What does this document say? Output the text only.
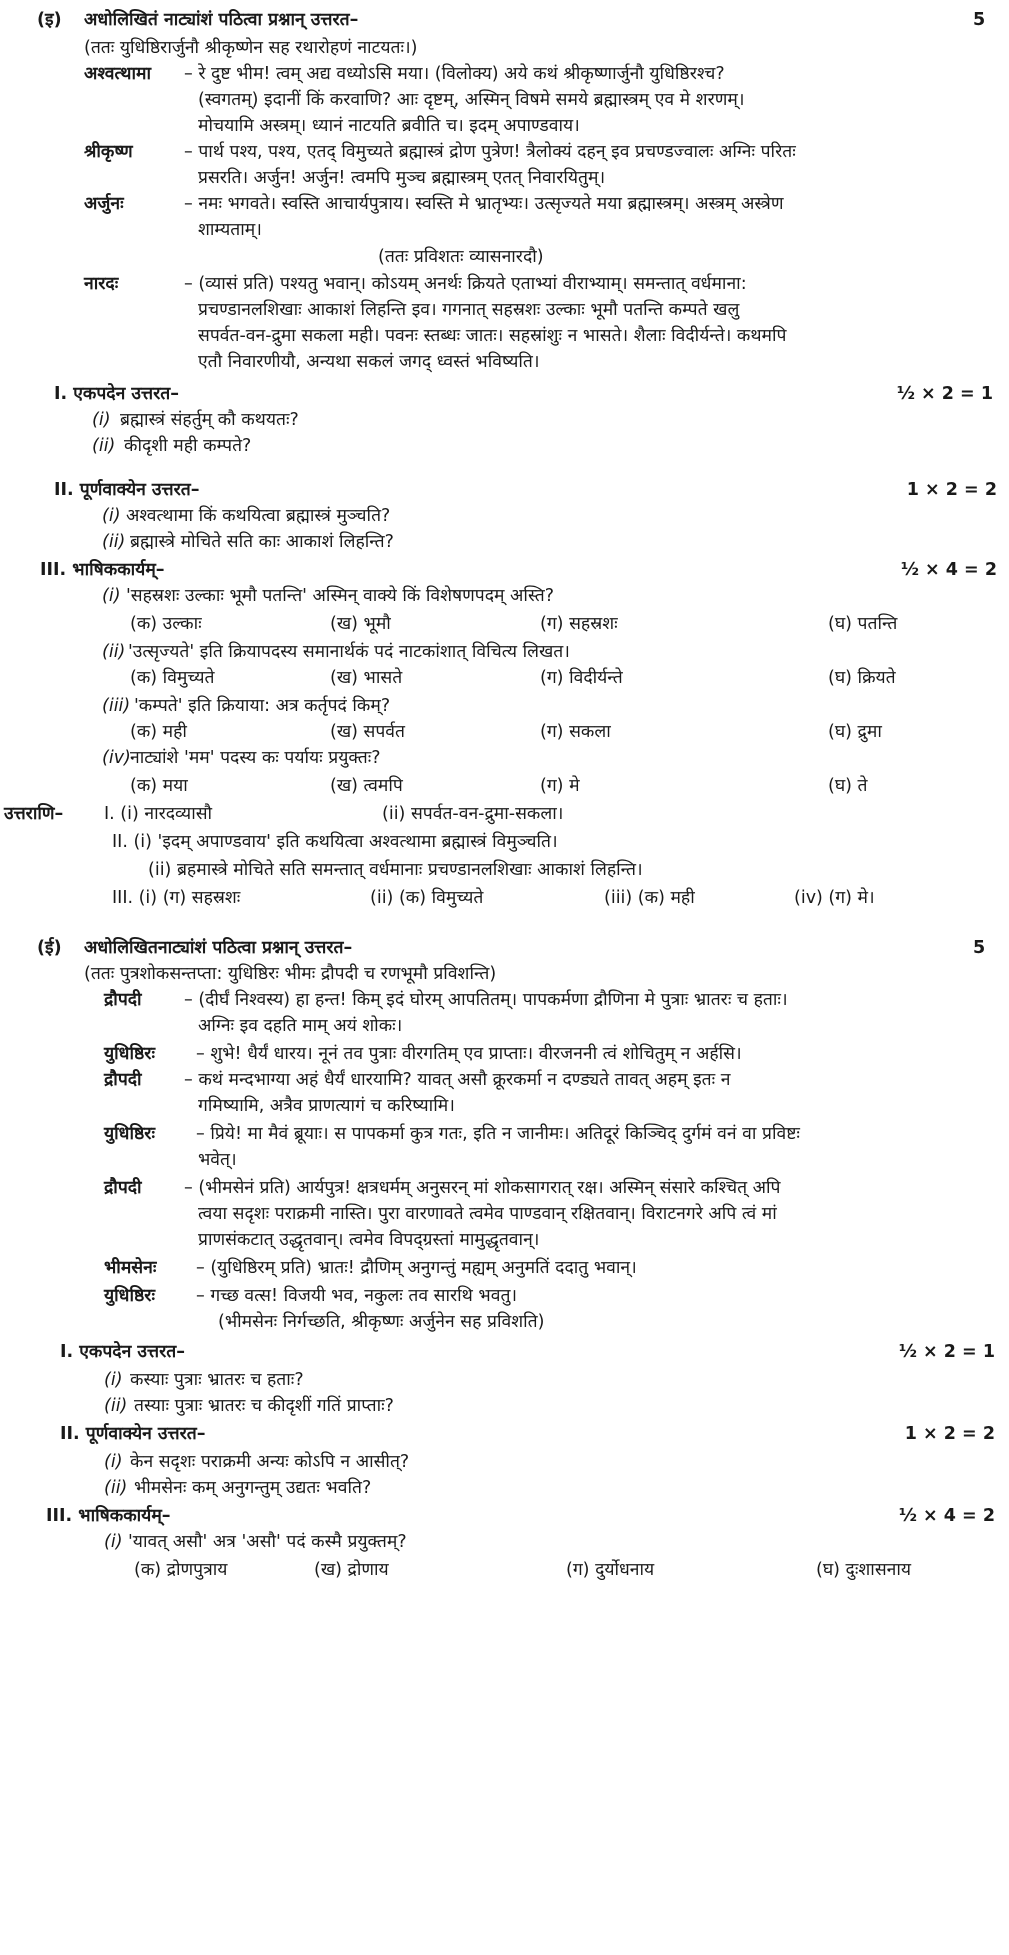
(इ) अधोलिखितं नाट्यांशं पठित्वा प्रश्नान् उत्तरत–	5
(ततः युधिष्ठिरार्जुनौ श्रीकृष्णेन सह रथारोहणं नाटयतः।)
अश्वत्थामा – रे दुष्ट भीम! त्वम् अद्य वध्योऽसि मया। (विलोक्य) अये कथं श्रीकृष्णार्जुनौ युधिष्ठिरश्च?
(स्वगतम्) इदानीं किं करवाणि? आः दृष्टम्, अस्मिन् विषमे समये ब्रह्मास्त्रम् एव मे शरणम्।
मोचयामि अस्त्रम्। ध्यानं नाटयति ब्रवीति च। इदम् अपाण्डवाय।
श्रीकृष्ण	– पार्थ पश्य, पश्य, एतद् विमुच्यते ब्रह्मास्त्रं द्रोण पुत्रेण! त्रैलोक्यं दहन् इव प्रचण्डज्वालः अग्निः परितः
प्रसरति। अर्जुन! अर्जुन! त्वमपि मुञ्च ब्रह्मास्त्रम् एतत् निवारयितुम्।
अर्जुनः	– नमः भगवते। स्वस्ति आचार्यपुत्राय। स्वस्ति मे भ्रातृभ्यः। उत्सृज्यते मया ब्रह्मास्त्रम्। अस्त्रम् अस्त्रेण
शाम्यताम्।
(ततः प्रविशतः व्यासनारदौ)
नारदः	– (व्यासं प्रति) पश्यतु भवान्। कोऽयम् अनर्थः क्रियते एताभ्यां वीराभ्याम्। समन्तात् वर्धमाना:
प्रचण्डानलशिखाः आकाशं लिहन्ति इव। गगनात् सहस्रशः उल्काः भूमौ पतन्ति कम्पते खलु
सपर्वत-वन-द्रुमा सकला मही। पवनः स्तब्धः जातः। सहस्रांशुः न भासते। शैलाः विदीर्यन्ते। कथमपि
एतौ निवारणीयौ, अन्यथा सकलं जगद् ध्वस्तं भविष्यति।
I. एकपदेन उत्तरत–	½ × 2 = 1
(i) ब्रह्मास्त्रं संहर्तुम् कौ कथयतः?
(ii) कीदृशी मही कम्पते?
II. पूर्णवाक्येन उत्तरत–	1 × 2 = 2
(i) अश्वत्थामा किं कथयित्वा ब्रह्मास्त्रं मुञ्चति?
(ii) ब्रह्मास्त्रे मोचिते सति काः आकाशं लिहन्ति?
III. भाषिककार्यम्–	½ × 4 = 2
(i) 'सहस्रशः उल्काः भूमौ पतन्ति' अस्मिन् वाक्ये किं विशेषणपदम् अस्ति?
(क) उल्काः	(ख) भूमौ	(ग) सहस्रशः	(घ) पतन्ति
(ii) 'उत्सृज्यते' इति क्रियापदस्य समानार्थकं पदं नाटकांशात् विचित्य लिखत।
(क) विमुच्यते	(ख) भासते	(ग) विदीर्यन्ते	(घ) क्रियते
(iii) 'कम्पते' इति क्रियाया: अत्र कर्तृपदं किम्?
(क) मही	(ख) सपर्वत	(ग) सकला	(घ) द्रुमा
(iv) नाट्यांशे 'मम' पदस्य कः पर्यायः प्रयुक्तः?
(क) मया	(ख) त्वमपि	(ग) मे	(घ) ते
उत्तराणि– I. (i) नारदव्यासौ	(ii) सपर्वत-वन-द्रुमा-सकला।
II. (i) 'इदम् अपाण्डवाय' इति कथयित्वा अश्वत्थामा ब्रह्मास्त्रं विमुञ्चति।
(ii) ब्रहमास्त्रे मोचिते सति समन्तात् वर्धमानाः प्रचण्डानलशिखाः आकाशं लिहन्ति।
III. (i) (ग) सहस्रशः	(ii) (क) विमुच्यते	(iii) (क) मही	(iv) (ग) मे।
(ई) अधोलिखितनाट्यांशं पठित्वा प्रश्नान् उत्तरत–	5
(ततः पुत्रशोकसन्तप्ता: युधिष्ठिरः भीमः द्रौपदी च रणभूमौ प्रविशन्ति)
द्रौपदी – (दीर्घं निश्वस्य) हा हन्त! किम् इदं घोरम् आपतितम्। पापकर्मणा द्रौणिना मे पुत्राः भ्रातरः च हताः।
अग्निः इव दहति माम् अयं शोकः।
युधिष्ठिरः – शुभे! धैर्यं धारय। नूनं तव पुत्राः वीरगतिम् एव प्राप्ताः। वीरजननी त्वं शोचितुम् न अर्हसि।
द्रौपदी – कथं मन्दभाग्या अहं धैर्यं धारयामि? यावत् असौ क्रूरकर्मा न दण्ड्यते तावत् अहम् इतः न
गमिष्यामि, अत्रैव प्राणत्यागं च करिष्यामि।
युधिष्ठिरः – प्रिये! मा मैवं ब्रूयाः। स पापकर्मा कुत्र गतः, इति न जानीमः। अतिदूरं किञ्चिद् दुर्गमं वनं वा प्रविष्टः
भवेत्।
द्रौपदी – (भीमसेनं प्रति) आर्यपुत्र! क्षत्रधर्मम् अनुसरन् मां शोकसागरात् रक्ष। अस्मिन् संसारे कश्चित् अपि
त्वया सदृशः पराक्रमी नास्ति। पुरा वारणावते त्वमेव पाण्डवान् रक्षितवान्। विराटनगरे अपि त्वं मां
प्राणसंकटात् उद्धृतवान्। त्वमेव विपद्ग्रस्तां मामुद्धृतवान्।
भीमसेनः – (युधिष्ठिरम् प्रति) भ्रातः! द्रौणिम् अनुगन्तुं मह्यम् अनुमतिं ददातु भवान्।
युधिष्ठिरः – गच्छ वत्स! विजयी भव, नकुलः तव सारथि भवतु।
(भीमसेनः निर्गच्छति, श्रीकृष्णः अर्जुनेन सह प्रविशति)
I. एकपदेन उत्तरत–	½ × 2 = 1
(i) कस्याः पुत्राः भ्रातरः च हताः?
(ii) तस्याः पुत्राः भ्रातरः च कीदृशीं गतिं प्राप्ताः?
II. पूर्णवाक्येन उत्तरत–	1 × 2 = 2
(i) केन सदृशः पराक्रमी अन्यः कोऽपि न आसीत्?
(ii) भीमसेनः कम् अनुगन्तुम् उद्यतः भवति?
III. भाषिककार्यम्–	½ × 4 = 2
(i) 'यावत् असौ' अत्र 'असौ' पदं कस्मै प्रयुक्तम्?
(क) द्रोणपुत्राय	(ख) द्रोणाय	(ग) दुर्योधनाय	(घ) दुःशासनाय
